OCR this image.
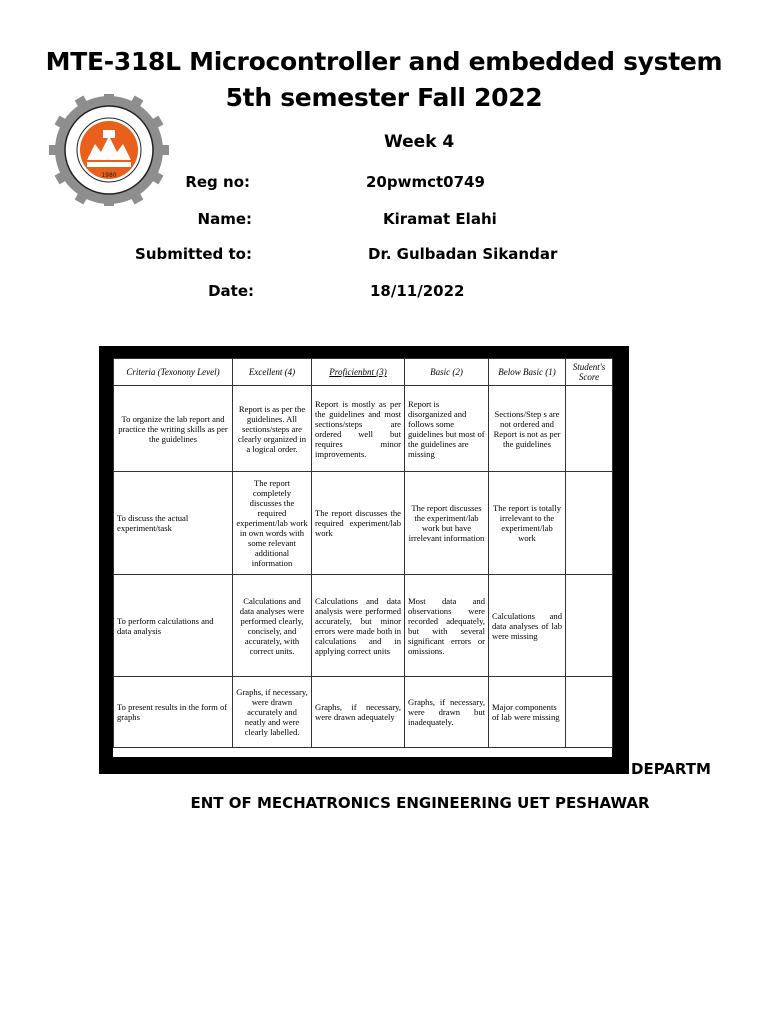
MTE-318L Microcontroller and embedded system 5th semester Fall 2022
1980
Week 4
Reg no:	20pwmct0749
Name:	Kiramat Elahi
Submitted to:	Dr. Gulbadan Sikandar
Date:	18/11/2022
Criteria (Texonony Level)	Excellent (4)	Proficienbnt (3)	Basic (2)	Below Basic (1)	Student's Score
To organize the lab report and practice the writing skills as per the guidelines	Report is as per the guidelines. All sections/steps are clearly organized in a logical order.	Report is mostly as per the guidelines and most sections/steps are ordered well but requires minor improvements.	Report is disorganized and follows some guidelines but most of the guidelines are missing	Sections/Step s are not ordered and Report is not as per the guidelines	
To discuss the actual experiment/task	The report completely discusses the required experiment/lab work in own words with some relevant additional information	The report discusses the required experiment/lab work	The report discusses the experiment/lab work but have irrelevant information	The report is totally irrelevant to the experiment/lab work	
To perform calculations and data analysis	Calculations and data analyses were performed clearly, concisely, and accurately, with correct units.	Calculations and data analysis were performed accurately, but minor errors were made both in calculations and in applying correct units	Most data and observations were recorded adequately, but with several significant errors or omissions.	Calculations and data analyses of lab were missing	
To present results in the form of graphs	Graphs, if necessary, were drawn accurately and neatly and were clearly labelled.	Graphs, if necessary, were drawn adequately	Graphs, if necessary, were drawn but inadequately.	Major components of lab were missing	
DEPARTM
ENT OF MECHATRONICS ENGINEERING UET PESHAWAR
